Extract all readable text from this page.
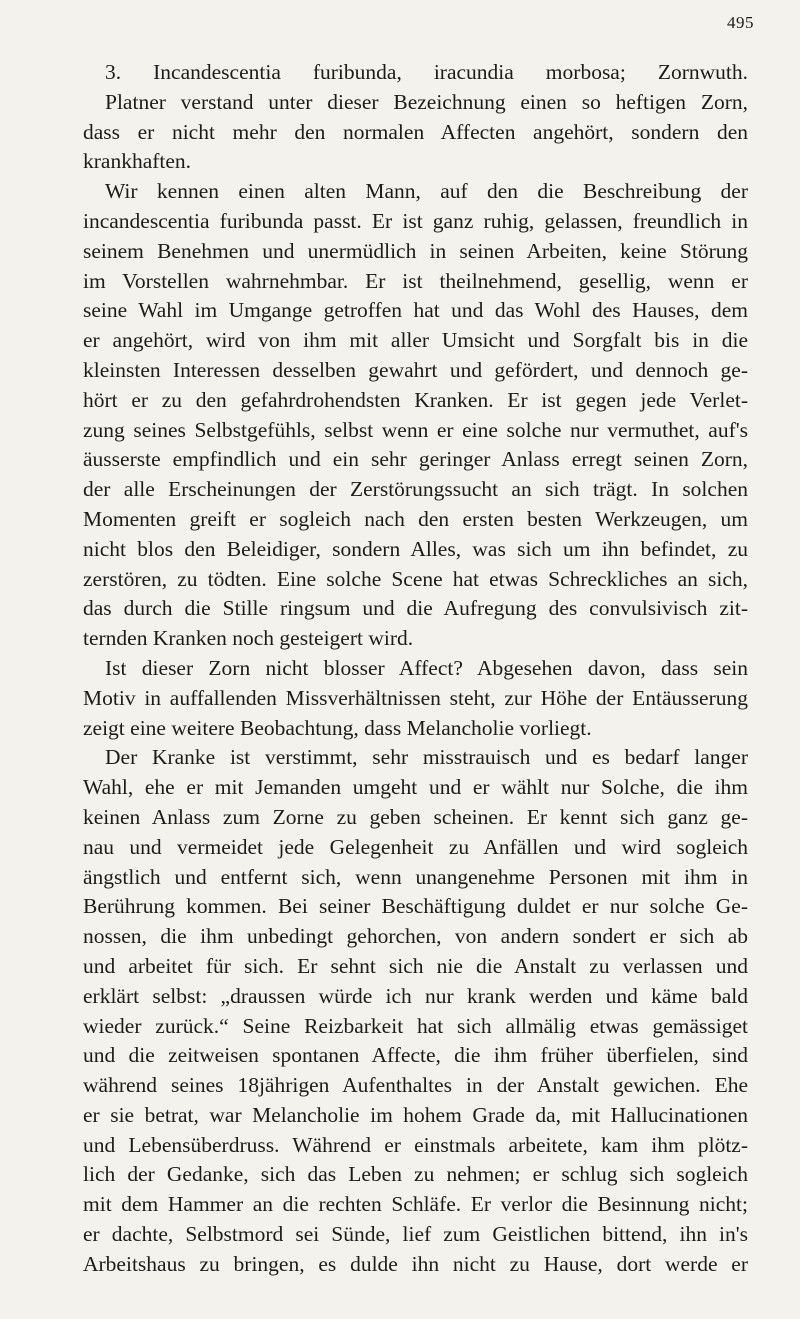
495
3. Incandescentia furibunda, iracundia morbosa; Zornwuth.
Platner verstand unter dieser Bezeichnung einen so heftigen Zorn,
dass er nicht mehr den normalen Affecten angehört, sondern den
krankhaften.
Wir kennen einen alten Mann, auf den die Beschreibung der
incandescentia furibunda passt. Er ist ganz ruhig, gelassen, freundlich in
seinem Benehmen und unermüdlich in seinen Arbeiten, keine Störung
im Vorstellen wahrnehmbar. Er ist theilnehmend, gesellig, wenn er
seine Wahl im Umgange getroffen hat und das Wohl des Hauses, dem
er angehört, wird von ihm mit aller Umsicht und Sorgfalt bis in die
kleinsten Interessen desselben gewahrt und gefördert, und dennoch ge-
hört er zu den gefahrdrohendsten Kranken. Er ist gegen jede Verlet-
zung seines Selbstgefühls, selbst wenn er eine solche nur vermuthet, auf's
äusserste empfindlich und ein sehr geringer Anlass erregt seinen Zorn,
der alle Erscheinungen der Zerstörungssucht an sich trägt. In solchen
Momenten greift er sogleich nach den ersten besten Werkzeugen, um
nicht blos den Beleidiger, sondern Alles, was sich um ihn befindet, zu
zerstören, zu tödten. Eine solche Scene hat etwas Schreckliches an sich,
das durch die Stille ringsum und die Aufregung des convulsivisch zit-
ternden Kranken noch gesteigert wird.
Ist dieser Zorn nicht blosser Affect? Abgesehen davon, dass sein
Motiv in auffallenden Missverhältnissen steht, zur Höhe der Entäusserung
zeigt eine weitere Beobachtung, dass Melancholie vorliegt.
Der Kranke ist verstimmt, sehr misstrauisch und es bedarf langer
Wahl, ehe er mit Jemanden umgeht und er wählt nur Solche, die ihm
keinen Anlass zum Zorne zu geben scheinen. Er kennt sich ganz ge-
nau und vermeidet jede Gelegenheit zu Anfällen und wird sogleich
ängstlich und entfernt sich, wenn unangenehme Personen mit ihm in
Berührung kommen. Bei seiner Beschäftigung duldet er nur solche Ge-
nossen, die ihm unbedingt gehorchen, von andern sondert er sich ab
und arbeitet für sich. Er sehnt sich nie die Anstalt zu verlassen und
erklärt selbst: „draussen würde ich nur krank werden und käme bald
wieder zurück.“ Seine Reizbarkeit hat sich allmälig etwas gemässiget
und die zeitweisen spontanen Affecte, die ihm früher überfielen, sind
während seines 18jährigen Aufenthaltes in der Anstalt gewichen. Ehe
er sie betrat, war Melancholie im hohem Grade da, mit Hallucinationen
und Lebensüberdruss. Während er einstmals arbeitete, kam ihm plötz-
lich der Gedanke, sich das Leben zu nehmen; er schlug sich sogleich
mit dem Hammer an die rechten Schläfe. Er verlor die Besinnung nicht;
er dachte, Selbstmord sei Sünde, lief zum Geistlichen bittend, ihn in's
Arbeitshaus zu bringen, es dulde ihn nicht zu Hause, dort werde er
